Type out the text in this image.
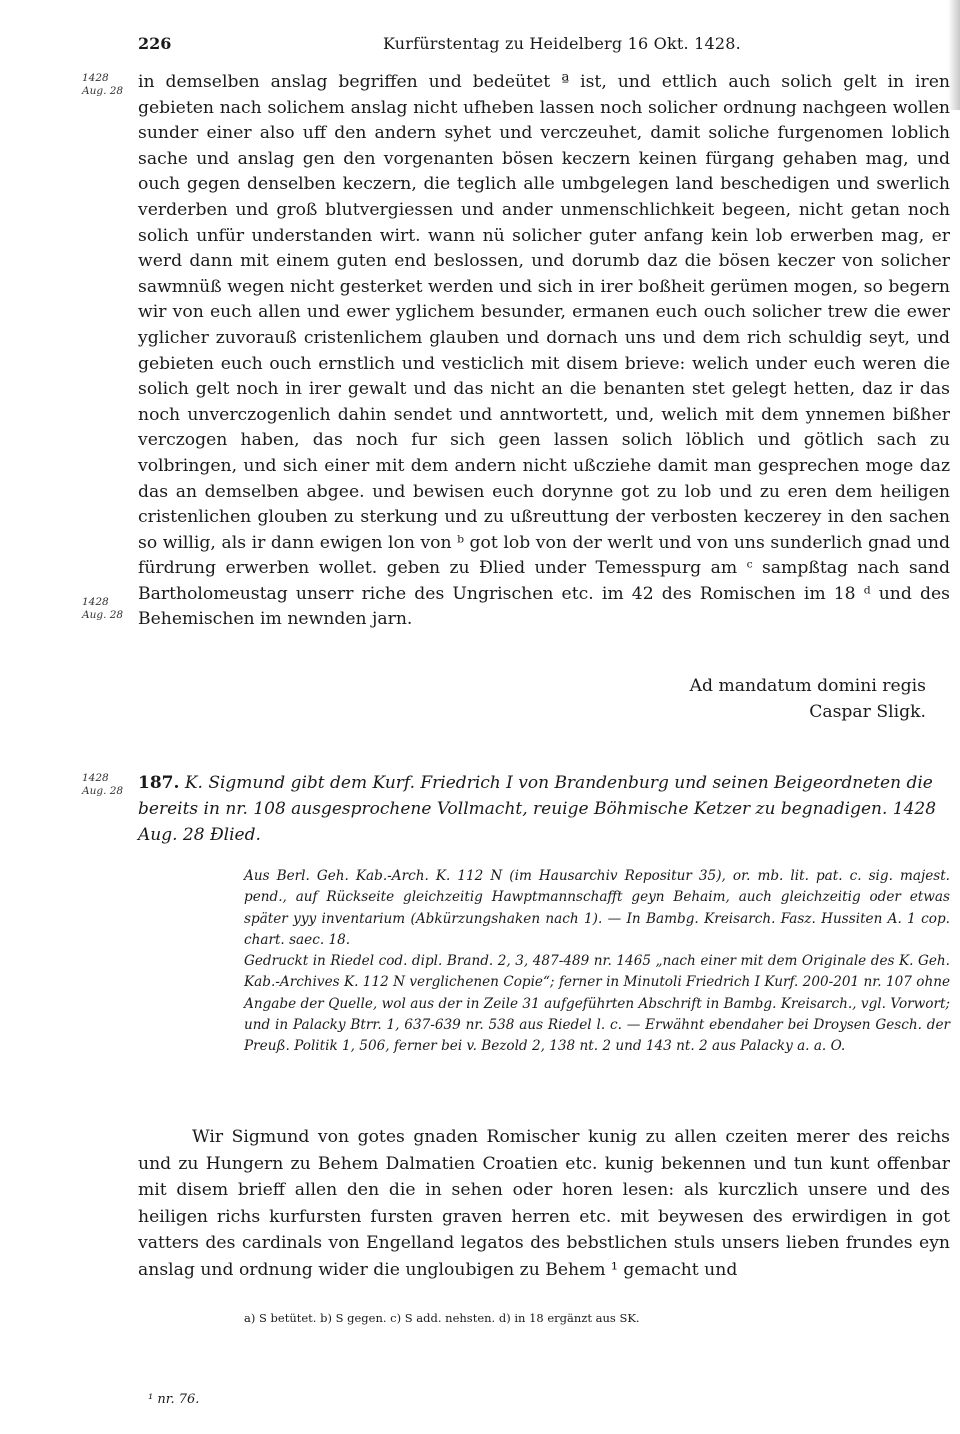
226	Kurfürstentag zu Heidelberg 16 Okt. 1428.
1428
Aug. 28
1428
Aug. 28
1428
Aug. 28

in demselben anslag begriffen und bedeütet ª ist, und ettlich auch solich gelt in iren gebieten nach solichem anslag nicht ufheben lassen noch solicher ordnung nachgeen wollen sunder einer also uff den andern syhet und verczeuhet, damit soliche furgenomen loblich sache und anslag gen den vorgenanten bösen keczern keinen fürgang gehaben mag, und ouch gegen denselben keczern, die teglich alle umbgelegen land beschedigen und swerlich verderben und groß blutvergiessen und ander unmenschlichkeit begeen, nicht getan noch solich unfür understanden wirt. wann nü solicher guter anfang kein lob erwerben mag, er werd dann mit einem guten end beslossen, und dorumb daz die bösen keczer von solicher sawmnüß wegen nicht gesterket werden und sich in irer boßheit gerümen mogen, so begern wir von euch allen und ewer yglichem besunder, ermanen euch ouch solicher trew die ewer yglicher zuvorauß cristenlichem glauben und dornach uns und dem rich schuldig seyt, und gebieten euch ouch ernstlich und vesticlich mit disem brieve: welich under euch weren die solich gelt noch in irer gewalt und das nicht an die benanten stet gelegt hetten, daz ir das noch unverczogenlich dahin sendet und anntwortett, und, welich mit dem ynnemen bißher verczogen haben, das noch fur sich geen lassen solich löblich und götlich sach zu volbringen, und sich einer mit dem andern nicht ußcziehe damit man gesprechen moge daz das an demselben abgee. und bewisen euch dorynne got zu lob und zu eren dem heiligen cristenlichen glouben zu sterkung und zu ußreuttung der verbosten keczerey in den sachen so willig, als ir dann ewigen lon von ᵇ got lob von der werlt und von uns sunderlich gnad und fürdrung erwerben wollet. geben zu Ɖlied under Temesspurg am ᶜ sampßtag nach sand Bartholomeustag unserr riche des Ungrischen etc. im 42 des Romischen im 18 ᵈ und des Behemischen im newnden jarn.

Ad mandatum domini regis
Caspar Sligk.
187. K. Sigmund gibt dem Kurf. Friedrich I von Brandenburg und seinen Beigeordneten die bereits in nr. 108 ausgesprochene Vollmacht, reuige Böhmische Ketzer zu begnadigen. 1428 Aug. 28 Ɖlied.

Aus Berl. Geh. Kab.-Arch. K. 112 N (im Hausarchiv Repositur 35), or. mb. lit. pat. c. sig. majest. pend., auf Rückseite gleichzeitig Hawptmannschafft geyn Behaim, auch gleichzeitig oder etwas später yyy inventarium (Abkürzungshaken nach 1). — In Bambg. Kreisarch. Fasz. Hussiten A. 1 cop. chart. saec. 18.

Gedruckt in Riedel cod. dipl. Brand. 2, 3, 487-489 nr. 1465 „nach einer mit dem Originale des K. Geh. Kab.-Archives K. 112 N verglichenen Copie“; ferner in Minutoli Friedrich I Kurf. 200-201 nr. 107 ohne Angabe der Quelle, wol aus der in Zeile 31 aufgeführten Abschrift in Bambg. Kreisarch., vgl. Vorwort; und in Palacky Btrr. 1, 637-639 nr. 538 aus Riedel l. c. — Erwähnt ebendaher bei Droysen Gesch. der Preuß. Politik 1, 506, ferner bei v. Bezold 2, 138 nt. 2 und 143 nt. 2 aus Palacky a. a. O.

Wir Sigmund von gotes gnaden Romischer kunig zu allen czeiten merer des reichs und zu Hungern zu Behem Dalmatien Croatien etc. kunig bekennen und tun kunt offenbar mit disem brieff allen den die in sehen oder horen lesen: als kurczlich unsere und des heiligen richs kurfursten fursten graven herren etc. mit beywesen des erwirdigen in got vatters des cardinals von Engelland legatos des bebstlichen stuls unsers lieben frundes eyn anslag und ordnung wider die ungloubigen zu Behem ¹ gemacht und

a) S betütet. b) S gegen. c) S add. nehsten. d) in 18 ergänzt aus SK.
¹ nr. 76.
